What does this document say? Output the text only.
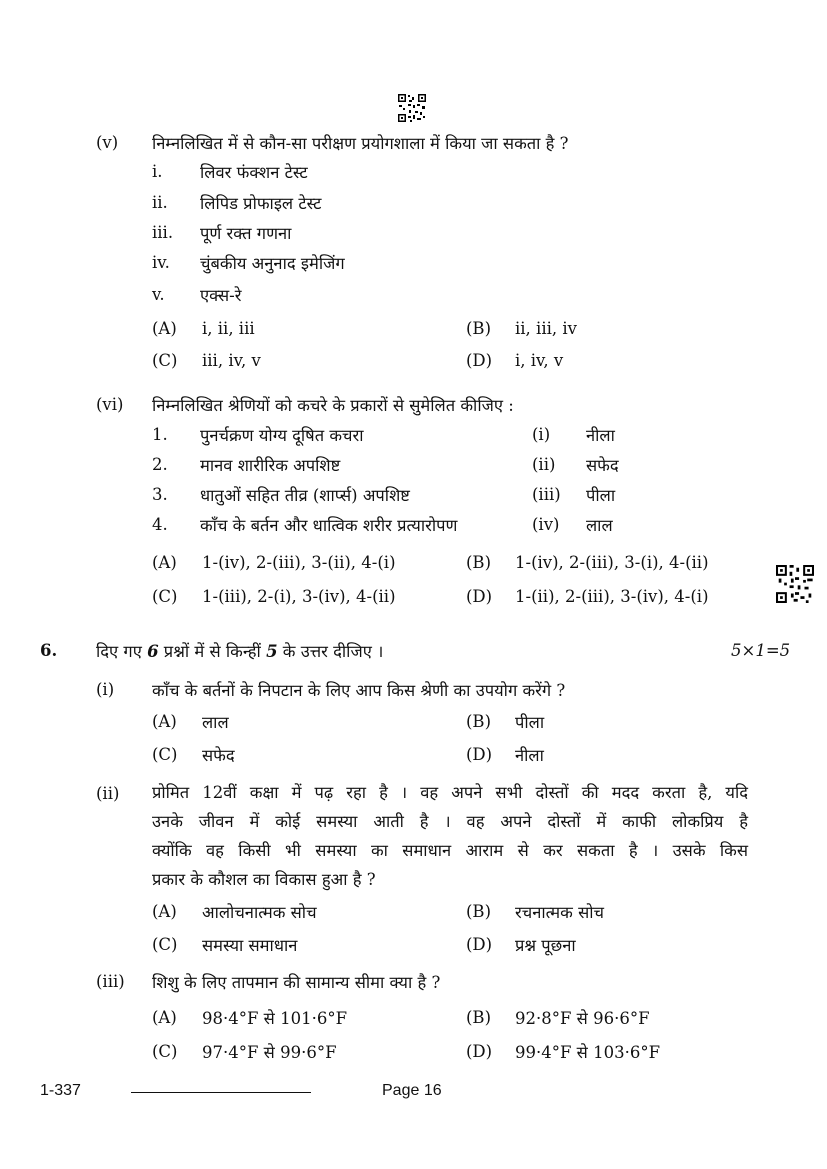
(v) निम्नलिखित में से कौन-सा परीक्षण प्रयोगशाला में किया जा सकता है ?
i. लिवर फंक्शन टेस्ट
ii. लिपिड प्रोफाइल टेस्ट
iii. पूर्ण रक्त गणना
iv. चुंबकीय अनुनाद इमेजिंग
v. एक्स-रे
(A) i, ii, iii	(B) ii, iii, iv
(C) iii, iv, v	(D) i, iv, v
(vi) निम्नलिखित श्रेणियों को कचरे के प्रकारों से सुमेलित कीजिए :
1. पुनर्चक्रण योग्य दूषित कचरा	(i) नीला
2. मानव शारीरिक अपशिष्ट	(ii) सफेद
3. धातुओं सहित तीव्र (शार्प्स) अपशिष्ट	(iii) पीला
4. काँच के बर्तन और धात्विक शरीर प्रत्यारोपण	(iv) लाल
(A) 1-(iv), 2-(iii), 3-(ii), 4-(i)	(B) 1-(iv), 2-(iii), 3-(i), 4-(ii)
(C) 1-(iii), 2-(i), 3-(iv), 4-(ii)	(D) 1-(ii), 2-(iii), 3-(iv), 4-(i)
6. दिए गए 6 प्रश्नों में से किन्हीं 5 के उत्तर दीजिए ।	5×1=5
(i) काँच के बर्तनों के निपटान के लिए आप किस श्रेणी का उपयोग करेंगे ?
(A) लाल	(B) पीला
(C) सफेद	(D) नीला
(ii) प्रोमित 12वीं कक्षा में पढ़ रहा है । वह अपने सभी दोस्तों की मदद करता है, यदि
उनके जीवन में कोई समस्या आती है । वह अपने दोस्तों में काफी लोकप्रिय है
क्योंकि वह किसी भी समस्या का समाधान आराम से कर सकता है । उसके किस
प्रकार के कौशल का विकास हुआ है ?
(A) आलोचनात्मक सोच	(B) रचनात्मक सोच
(C) समस्या समाधान	(D) प्रश्न पूछना
(iii) शिशु के लिए तापमान की सामान्य सीमा क्या है ?
(A) 98·4°F से 101·6°F	(B) 92·8°F से 96·6°F
(C) 97·4°F से 99·6°F	(D) 99·4°F से 103·6°F
1-337	Page 16
